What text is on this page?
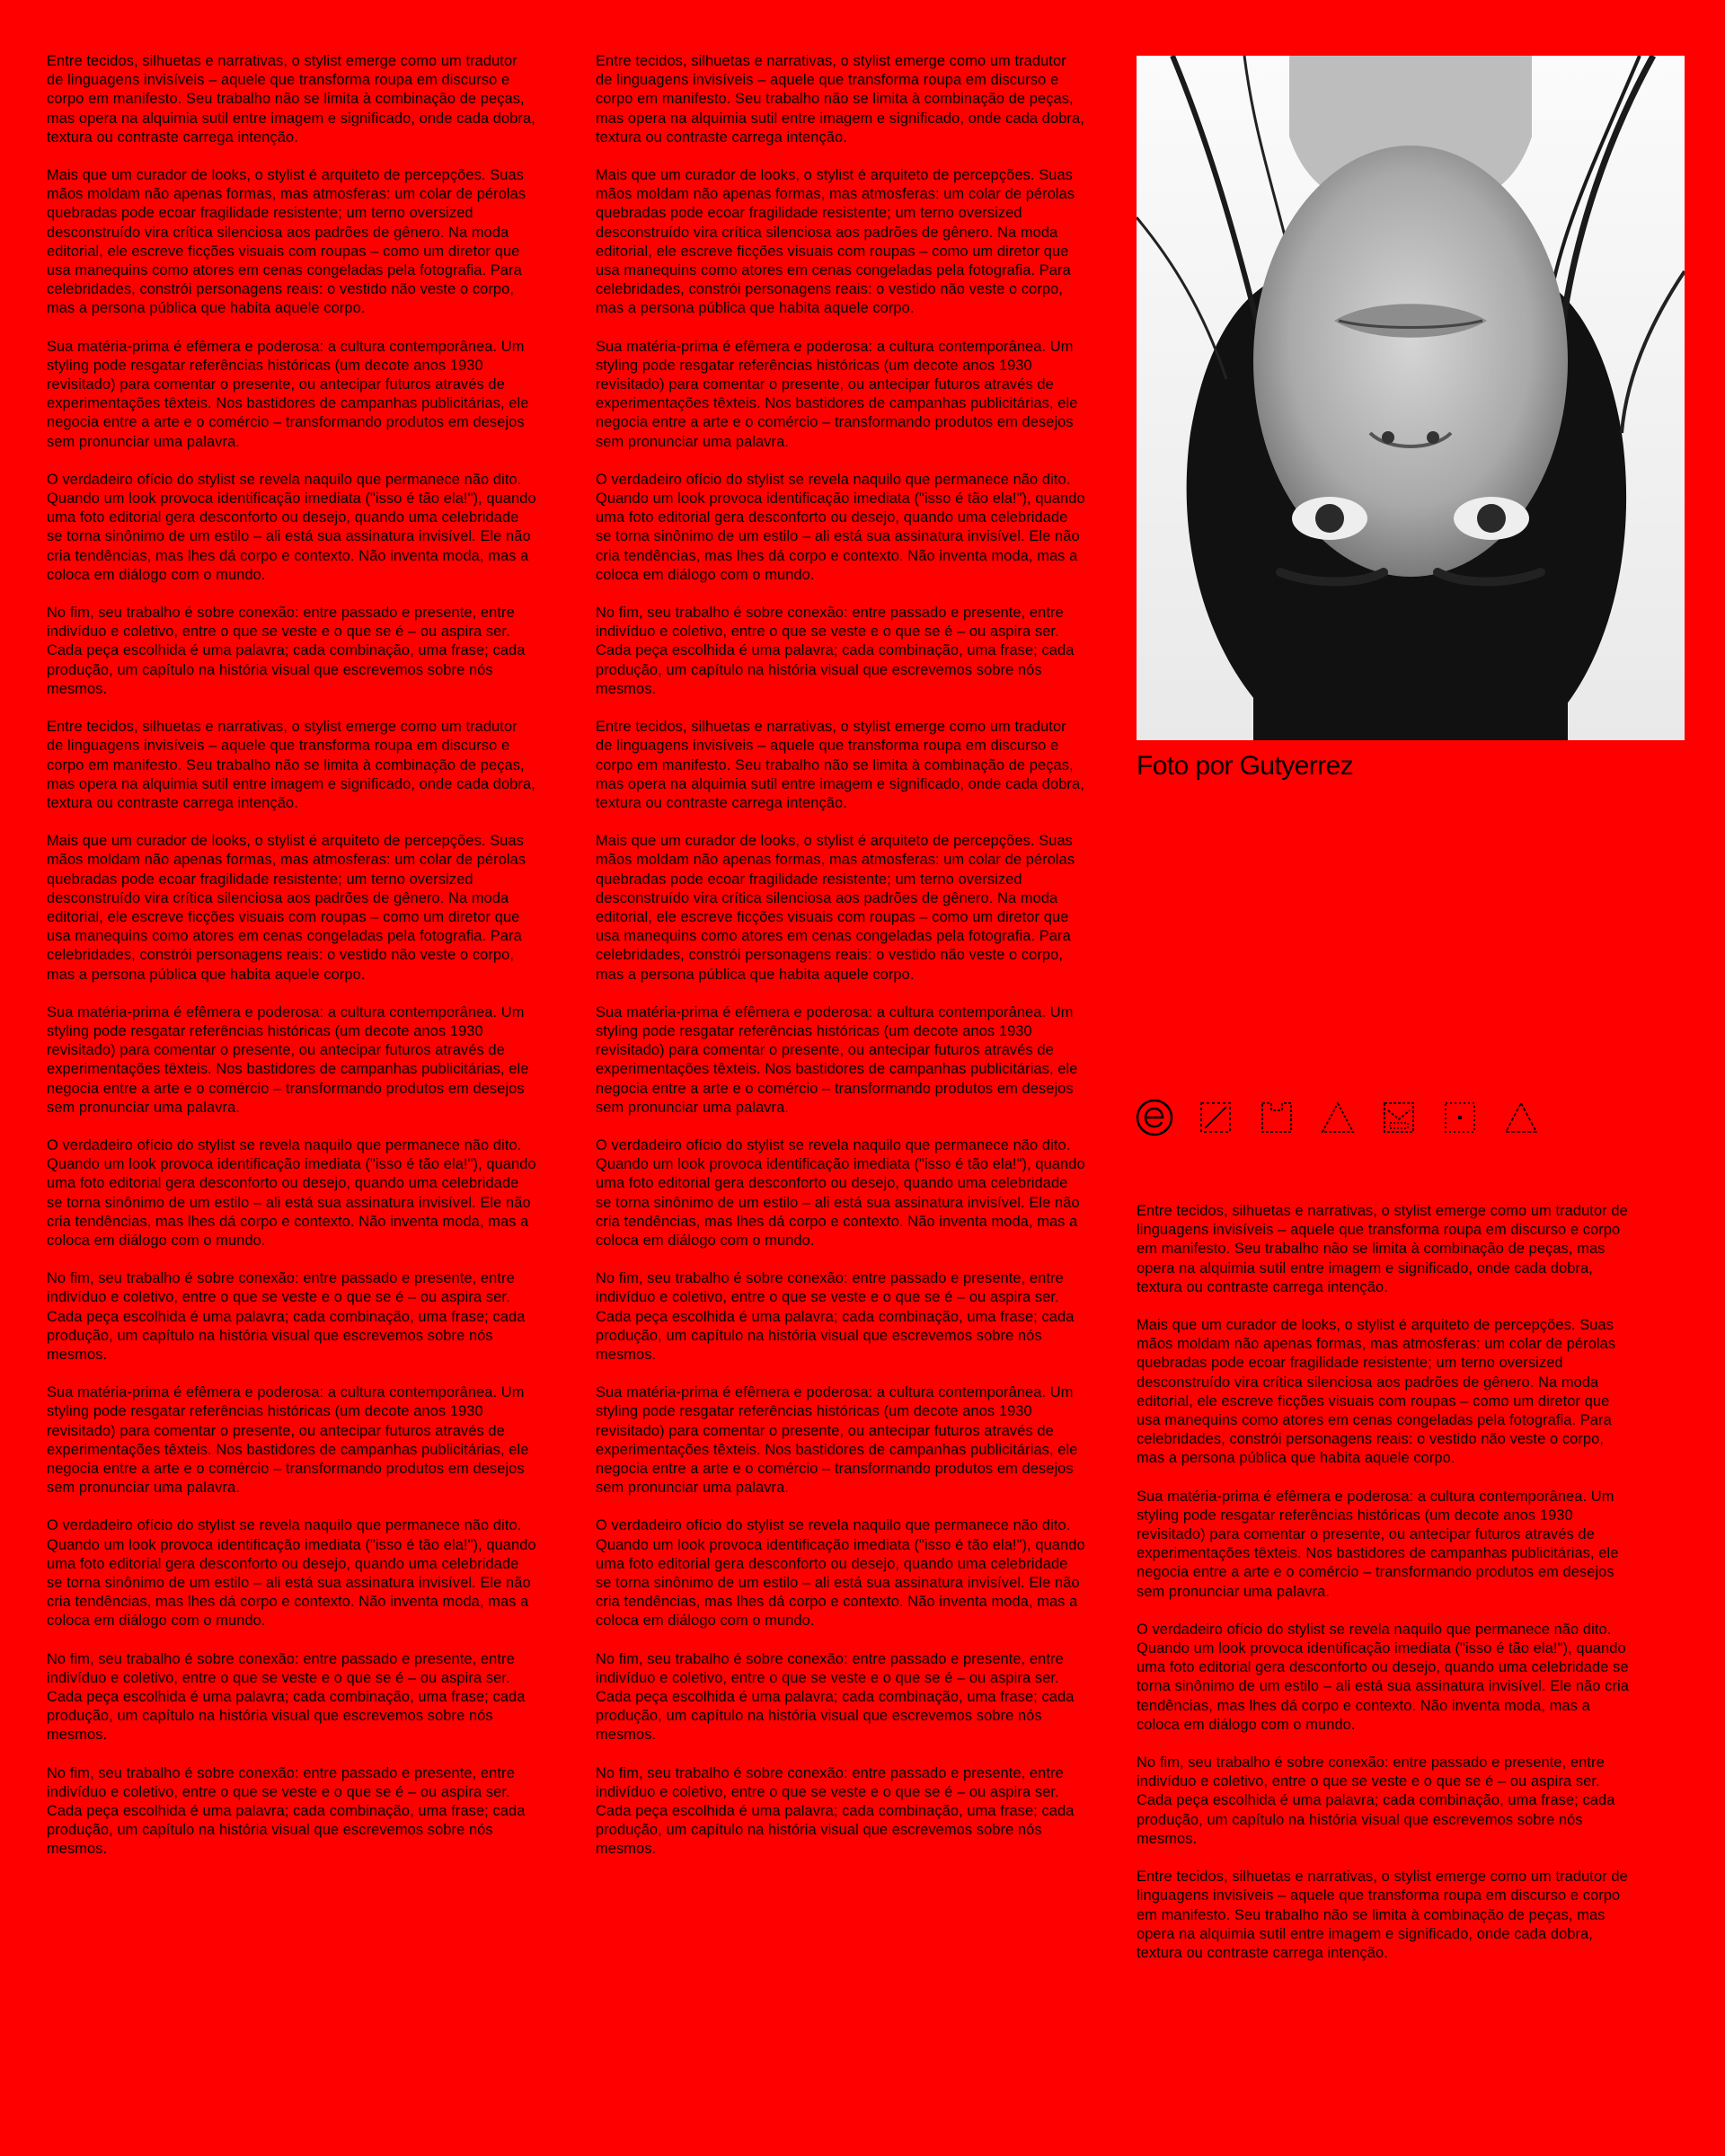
Entre tecidos, silhuetas e narrativas, o stylist emerge como um tradutor de linguagens invisíveis – aquele que transforma roupa em discurso e corpo em manifesto. Seu trabalho não se limita à combinação de peças, mas opera na alquimia sutil entre imagem e significado, onde cada dobra, textura ou contraste carrega intenção.

Mais que um curador de looks, o stylist é arquiteto de percepções. Suas mãos moldam não apenas formas, mas atmosferas: um colar de pérolas quebradas pode ecoar fragilidade resistente; um terno oversized desconstruído vira crítica silenciosa aos padrões de gênero. Na moda editorial, ele escreve ficções visuais com roupas – como um diretor que usa manequins como atores em cenas congeladas pela fotografia. Para celebridades, constrói personagens reais: o vestido não veste o corpo, mas a persona pública que habita aquele corpo.

Sua matéria-prima é efêmera e poderosa: a cultura contemporânea. Um styling pode resgatar referências históricas (um decote anos 1930 revisitado) para comentar o presente, ou antecipar futuros através de experimentações têxteis. Nos bastidores de campanhas publicitárias, ele negocia entre a arte e o comércio – transformando produtos em desejos sem pronunciar uma palavra.

O verdadeiro ofício do stylist se revela naquilo que permanece não dito. Quando um look provoca identificação imediata ("isso é tão ela!"), quando uma foto editorial gera desconforto ou desejo, quando uma celebridade se torna sinônimo de um estilo – ali está sua assinatura invisível. Ele não cria tendências, mas lhes dá corpo e contexto. Não inventa moda, mas a coloca em diálogo com o mundo.

No fim, seu trabalho é sobre conexão: entre passado e presente, entre indivíduo e coletivo, entre o que se veste e o que se é – ou aspira ser. Cada peça escolhida é uma palavra; cada combinação, uma frase; cada produção, um capítulo na história visual que escrevemos sobre nós mesmos.

Entre tecidos, silhuetas e narrativas, o stylist emerge como um tradutor de linguagens invisíveis – aquele que transforma roupa em discurso e corpo em manifesto. Seu trabalho não se limita à combinação de peças, mas opera na alquimia sutil entre imagem e significado, onde cada dobra, textura ou contraste carrega intenção.

Mais que um curador de looks, o stylist é arquiteto de percepções. Suas mãos moldam não apenas formas, mas atmosferas: um colar de pérolas quebradas pode ecoar fragilidade resistente; um terno oversized desconstruído vira crítica silenciosa aos padrões de gênero. Na moda editorial, ele escreve ficções visuais com roupas – como um diretor que usa manequins como atores em cenas congeladas pela fotografia. Para celebridades, constrói personagens reais: o vestido não veste o corpo, mas a persona pública que habita aquele corpo.

Sua matéria-prima é efêmera e poderosa: a cultura contemporânea. Um styling pode resgatar referências históricas (um decote anos 1930 revisitado) para comentar o presente, ou antecipar futuros através de experimentações têxteis. Nos bastidores de campanhas publicitárias, ele negocia entre a arte e o comércio – transformando produtos em desejos sem pronunciar uma palavra.

O verdadeiro ofício do stylist se revela naquilo que permanece não dito. Quando um look provoca identificação imediata ("isso é tão ela!"), quando uma foto editorial gera desconforto ou desejo, quando uma celebridade se torna sinônimo de um estilo – ali está sua assinatura invisível. Ele não cria tendências, mas lhes dá corpo e contexto. Não inventa moda, mas a coloca em diálogo com o mundo.

No fim, seu trabalho é sobre conexão: entre passado e presente, entre indivíduo e coletivo, entre o que se veste e o que se é – ou aspira ser. Cada peça escolhida é uma palavra; cada combinação, uma frase; cada produção, um capítulo na história visual que escrevemos sobre nós mesmos.

Sua matéria-prima é efêmera e poderosa: a cultura contemporânea. Um styling pode resgatar referências históricas (um decote anos 1930 revisitado) para comentar o presente, ou antecipar futuros através de experimentações têxteis. Nos bastidores de campanhas publicitárias, ele negocia entre a arte e o comércio – transformando produtos em desejos sem pronunciar uma palavra.

O verdadeiro ofício do stylist se revela naquilo que permanece não dito. Quando um look provoca identificação imediata ("isso é tão ela!"), quando uma foto editorial gera desconforto ou desejo, quando uma celebridade se torna sinônimo de um estilo – ali está sua assinatura invisível. Ele não cria tendências, mas lhes dá corpo e contexto. Não inventa moda, mas a coloca em diálogo com o mundo.

No fim, seu trabalho é sobre conexão: entre passado e presente, entre indivíduo e coletivo, entre o que se veste e o que se é – ou aspira ser. Cada peça escolhida é uma palavra; cada combinação, uma frase; cada produção, um capítulo na história visual que escrevemos sobre nós mesmos.

No fim, seu trabalho é sobre conexão: entre passado e presente, entre indivíduo e coletivo, entre o que se veste e o que se é – ou aspira ser. Cada peça escolhida é uma palavra; cada combinação, uma frase; cada produção, um capítulo na história visual que escrevemos sobre nós mesmos.

Entre tecidos, silhuetas e narrativas, o stylist emerge como um tradutor de linguagens invisíveis – aquele que transforma roupa em discurso e corpo em manifesto. Seu trabalho não se limita à combinação de peças, mas opera na alquimia sutil entre imagem e significado, onde cada dobra, textura ou contraste carrega intenção.

Mais que um curador de looks, o stylist é arquiteto de percepções. Suas mãos moldam não apenas formas, mas atmosferas: um colar de pérolas quebradas pode ecoar fragilidade resistente; um terno oversized desconstruído vira crítica silenciosa aos padrões de gênero. Na moda editorial, ele escreve ficções visuais com roupas – como um diretor que usa manequins como atores em cenas congeladas pela fotografia. Para celebridades, constrói personagens reais: o vestido não veste o corpo, mas a persona pública que habita aquele corpo.

Sua matéria-prima é efêmera e poderosa: a cultura contemporânea. Um styling pode resgatar referências históricas (um decote anos 1930 revisitado) para comentar o presente, ou antecipar futuros através de experimentações têxteis. Nos bastidores de campanhas publicitárias, ele negocia entre a arte e o comércio – transformando produtos em desejos sem pronunciar uma palavra.

O verdadeiro ofício do stylist se revela naquilo que permanece não dito. Quando um look provoca identificação imediata ("isso é tão ela!"), quando uma foto editorial gera desconforto ou desejo, quando uma celebridade se torna sinônimo de um estilo – ali está sua assinatura invisível. Ele não cria tendências, mas lhes dá corpo e contexto. Não inventa moda, mas a coloca em diálogo com o mundo.

No fim, seu trabalho é sobre conexão: entre passado e presente, entre indivíduo e coletivo, entre o que se veste e o que se é – ou aspira ser. Cada peça escolhida é uma palavra; cada combinação, uma frase; cada produção, um capítulo na história visual que escrevemos sobre nós mesmos.

Entre tecidos, silhuetas e narrativas, o stylist emerge como um tradutor de linguagens invisíveis – aquele que transforma roupa em discurso e corpo em manifesto. Seu trabalho não se limita à combinação de peças, mas opera na alquimia sutil entre imagem e significado, onde cada dobra, textura ou contraste carrega intenção.

Mais que um curador de looks, o stylist é arquiteto de percepções. Suas mãos moldam não apenas formas, mas atmosferas: um colar de pérolas quebradas pode ecoar fragilidade resistente; um terno oversized desconstruído vira crítica silenciosa aos padrões de gênero. Na moda editorial, ele escreve ficções visuais com roupas – como um diretor que usa manequins como atores em cenas congeladas pela fotografia. Para celebridades, constrói personagens reais: o vestido não veste o corpo, mas a persona pública que habita aquele corpo.

Sua matéria-prima é efêmera e poderosa: a cultura contemporânea. Um styling pode resgatar referências históricas (um decote anos 1930 revisitado) para comentar o presente, ou antecipar futuros através de experimentações têxteis. Nos bastidores de campanhas publicitárias, ele negocia entre a arte e o comércio – transformando produtos em desejos sem pronunciar uma palavra.

O verdadeiro ofício do stylist se revela naquilo que permanece não dito. Quando um look provoca identificação imediata ("isso é tão ela!"), quando uma foto editorial gera desconforto ou desejo, quando uma celebridade se torna sinônimo de um estilo – ali está sua assinatura invisível. Ele não cria tendências, mas lhes dá corpo e contexto. Não inventa moda, mas a coloca em diálogo com o mundo.

No fim, seu trabalho é sobre conexão: entre passado e presente, entre indivíduo e coletivo, entre o que se veste e o que se é – ou aspira ser. Cada peça escolhida é uma palavra; cada combinação, uma frase; cada produção, um capítulo na história visual que escrevemos sobre nós mesmos.

Sua matéria-prima é efêmera e poderosa: a cultura contemporânea. Um styling pode resgatar referências históricas (um decote anos 1930 revisitado) para comentar o presente, ou antecipar futuros através de experimentações têxteis. Nos bastidores de campanhas publicitárias, ele negocia entre a arte e o comércio – transformando produtos em desejos sem pronunciar uma palavra.

O verdadeiro ofício do stylist se revela naquilo que permanece não dito. Quando um look provoca identificação imediata ("isso é tão ela!"), quando uma foto editorial gera desconforto ou desejo, quando uma celebridade se torna sinônimo de um estilo – ali está sua assinatura invisível. Ele não cria tendências, mas lhes dá corpo e contexto. Não inventa moda, mas a coloca em diálogo com o mundo.

No fim, seu trabalho é sobre conexão: entre passado e presente, entre indivíduo e coletivo, entre o que se veste e o que se é – ou aspira ser. Cada peça escolhida é uma palavra; cada combinação, uma frase; cada produção, um capítulo na história visual que escrevemos sobre nós mesmos.

No fim, seu trabalho é sobre conexão: entre passado e presente, entre indivíduo e coletivo, entre o que se veste e o que se é – ou aspira ser. Cada peça escolhida é uma palavra; cada combinação, uma frase; cada produção, um capítulo na história visual que escrevemos sobre nós mesmos.

Foto por Gutyerrez

Entre tecidos, silhuetas e narrativas, o stylist emerge como um tradutor de linguagens invisíveis – aquele que transforma roupa em discurso e corpo em manifesto. Seu trabalho não se limita à combinação de peças, mas opera na alquimia sutil entre imagem e significado, onde cada dobra, textura ou contraste carrega intenção.

Mais que um curador de looks, o stylist é arquiteto de percepções. Suas mãos moldam não apenas formas, mas atmosferas: um colar de pérolas quebradas pode ecoar fragilidade resistente; um terno oversized desconstruído vira crítica silenciosa aos padrões de gênero. Na moda editorial, ele escreve ficções visuais com roupas – como um diretor que usa manequins como atores em cenas congeladas pela fotografia. Para celebridades, constrói personagens reais: o vestido não veste o corpo, mas a persona pública que habita aquele corpo.

Sua matéria-prima é efêmera e poderosa: a cultura contemporânea. Um styling pode resgatar referências históricas (um decote anos 1930 revisitado) para comentar o presente, ou antecipar futuros através de experimentações têxteis. Nos bastidores de campanhas publicitárias, ele negocia entre a arte e o comércio – transformando produtos em desejos sem pronunciar uma palavra.

O verdadeiro ofício do stylist se revela naquilo que permanece não dito. Quando um look provoca identificação imediata ("isso é tão ela!"), quando uma foto editorial gera desconforto ou desejo, quando uma celebridade se torna sinônimo de um estilo – ali está sua assinatura invisível. Ele não cria tendências, mas lhes dá corpo e contexto. Não inventa moda, mas a coloca em diálogo com o mundo.

No fim, seu trabalho é sobre conexão: entre passado e presente, entre indivíduo e coletivo, entre o que se veste e o que se é – ou aspira ser. Cada peça escolhida é uma palavra; cada combinação, uma frase; cada produção, um capítulo na história visual que escrevemos sobre nós mesmos.

Entre tecidos, silhuetas e narrativas, o stylist emerge como um tradutor de linguagens invisíveis – aquele que transforma roupa em discurso e corpo em manifesto. Seu trabalho não se limita à combinação de peças, mas opera na alquimia sutil entre imagem e significado, onde cada dobra, textura ou contraste carrega intenção.
